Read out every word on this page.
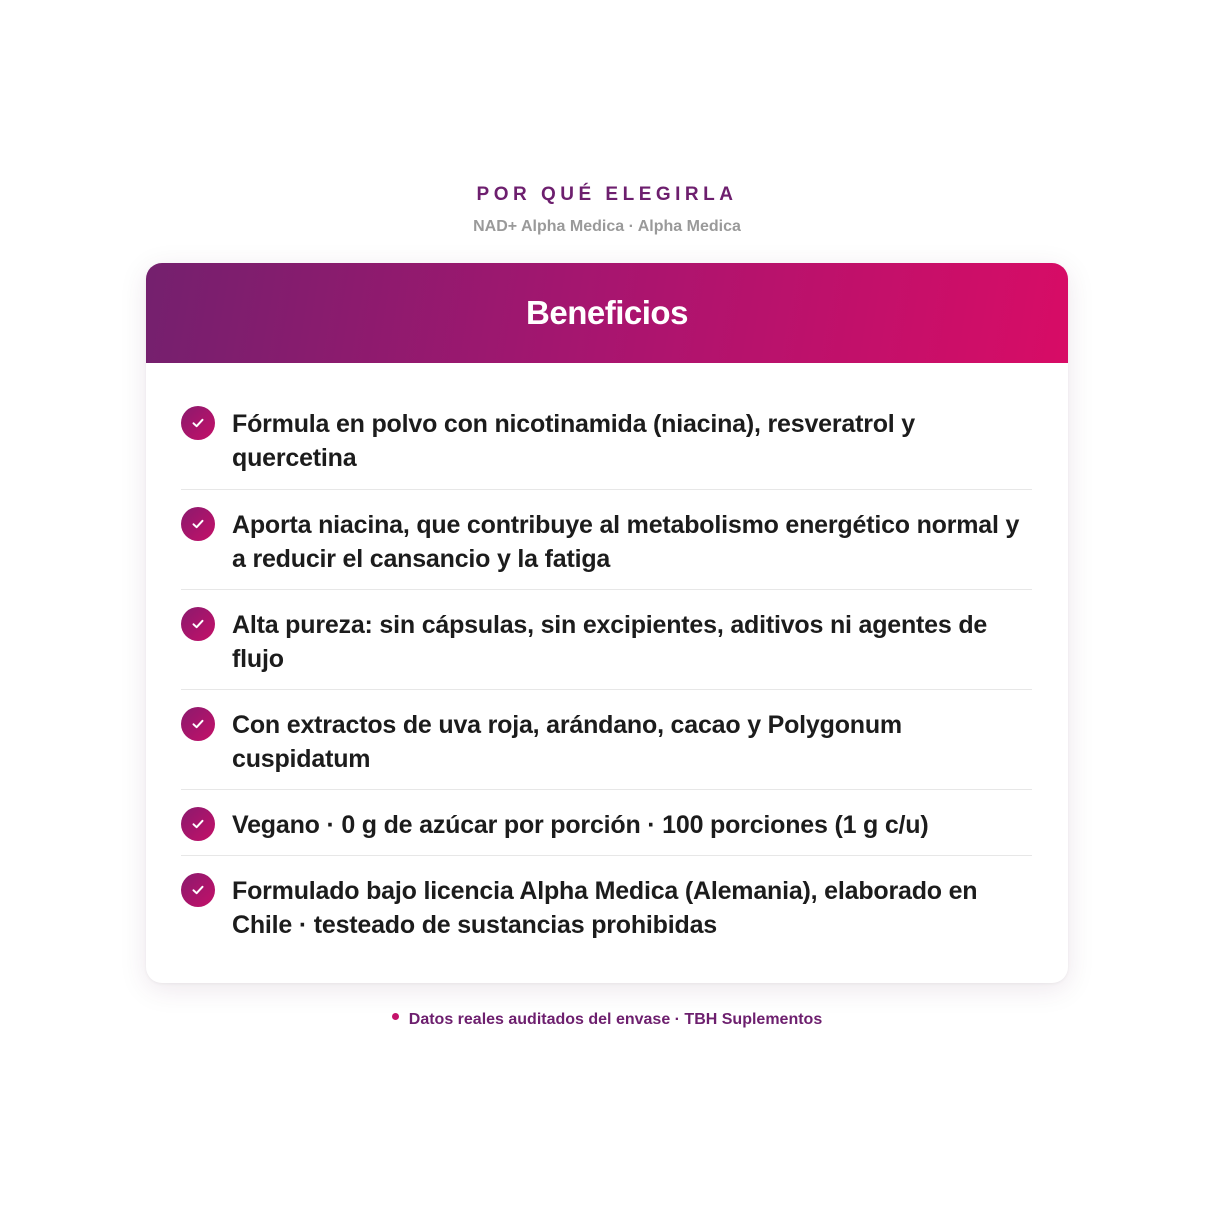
POR QUÉ ELEGIRLA
NAD+ Alpha Medica · Alpha Medica
Beneficios
Fórmula en polvo con nicotinamida (niacina), resveratrol y quercetina
Aporta niacina, que contribuye al metabolismo energético normal y a reducir el cansancio y la fatiga
Alta pureza: sin cápsulas, sin excipientes, aditivos ni agentes de flujo
Con extractos de uva roja, arándano, cacao y Polygonum cuspidatum
Vegano · 0 g de azúcar por porción · 100 porciones (1 g c/u)
Formulado bajo licencia Alpha Medica (Alemania), elaborado en Chile · testeado de sustancias prohibidas
Datos reales auditados del envase · TBH Suplementos
